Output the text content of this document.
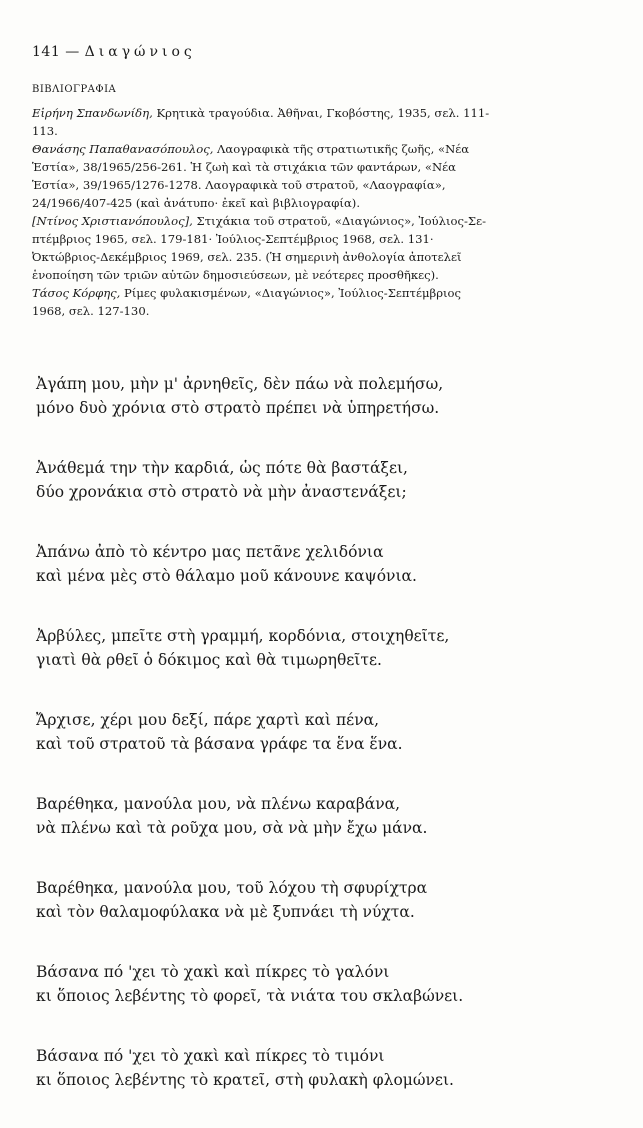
141 — Διαγώνιος
ΒΙΒΛΙΟΓΡΑΦΙΑ

Εἰρήνη Σπανδωνίδη, Κρητικὰ τραγούδια. Ἀθῆναι, Γκοβόστης, 1935, σελ. 111-
113.

Θανάσης Παπαθανασόπουλος, Λαογραφικὰ τῆς στρατιωτικῆς ζωῆς, «Νέα
Ἑστία», 38/1965/256-261. Ἡ ζωὴ καὶ τὰ στιχάκια τῶν φαντάρων, «Νέα
Ἑστία», 39/1965/1276-1278. Λαογραφικὰ τοῦ στρατοῦ, «Λαογραφία»,
24/1966/407-425 (καὶ ἀνάτυπο· ἐκεῖ καὶ βιβλιογραφία).

[Ντίνος Χριστιανόπουλος], Στιχάκια τοῦ στρατοῦ, «Διαγώνιος», Ἰούλιος-Σε-
πτέμβριος 1965, σελ. 179-181· Ἰούλιος-Σεπτέμβριος 1968, σελ. 131·
Ὀκτώβριος-Δεκέμβριος 1969, σελ. 235. (Ἡ σημερινὴ ἀνθολογία ἀποτελεῖ
ἑνοποίηση τῶν τριῶν αὐτῶν δημοσιεύσεων, μὲ νεότερες προσθῆκες).

Τάσος Κόρφης, Ρίμες φυλακισμένων, «Διαγώνιος», Ἰούλιος-Σεπτέμβριος
1968, σελ. 127-130.

Ἀγάπη μου, μὴν μ' ἀρνηθεῖς, δὲν πάω νὰ πολεμήσω,
μόνο δυὸ χρόνια στὸ στρατὸ πρέπει νὰ ὑπηρετήσω.
Ἀνάθεμά την τὴν καρδιά, ὡς πότε θὰ βαστάξει,
δύο χρονάκια στὸ στρατὸ νὰ μὴν ἀναστενάξει;
Ἀπάνω ἀπὸ τὸ κέντρο μας πετᾶνε χελιδόνια
καὶ μένα μὲς στὸ θάλαμο μοῦ κάνουνε καψόνια.
Ἀρβύλες, μπεῖτε στὴ γραμμή, κορδόνια, στοιχηθεῖτε,
γιατὶ θὰ ρθεῖ ὁ δόκιμος καὶ θὰ τιμωρηθεῖτε.
Ἄρχισε, χέρι μου δεξί, πάρε χαρτὶ καὶ πένα,
καὶ τοῦ στρατοῦ τὰ βάσανα γράφε τα ἕνα ἕνα.
Βαρέθηκα, μανούλα μου, νὰ πλένω καραβάνα,
νὰ πλένω καὶ τὰ ροῦχα μου, σὰ νὰ μὴν ἔχω μάνα.
Βαρέθηκα, μανούλα μου, τοῦ λόχου τὴ σφυρίχτρα
καὶ τὸν θαλαμοφύλακα νὰ μὲ ξυπνάει τὴ νύχτα.
Βάσανα πό 'χει τὸ χακὶ καὶ πίκρες τὸ γαλόνι
κι ὅποιος λεβέντης τὸ φορεῖ, τὰ νιάτα του σκλαβώνει.
Βάσανα πό 'χει τὸ χακὶ καὶ πίκρες τὸ τιμόνι
κι ὅποιος λεβέντης τὸ κρατεῖ, στὴ φυλακὴ φλομώνει.
